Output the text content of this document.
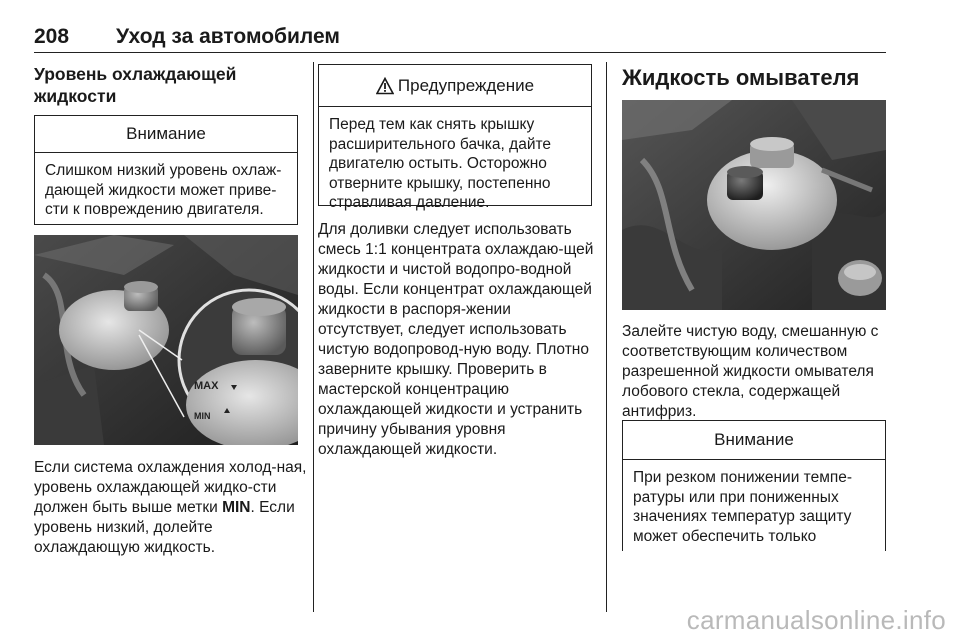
208 Уход за автомобилем
Уровень охлаждающей жидкости
Внимание
Слишком низкий уровень охлаж-дающей жидкости может приве-сти к повреждению двигателя.
MAX
MIN
Если система охлаждения холод-ная, уровень охлаждающей жидко-сти должен быть выше метки MIN. Если уровень низкий, долейте охлаждающую жидкость.
Предупреждение
Перед тем как снять крышку расширительного бачка, дайте двигателю остыть. Осторожно отверните крышку, постепенно стравливая давление.
Для доливки следует использовать смесь 1:1 концентрата охлаждаю-щей жидкости и чистой водопро-водной воды. Если концентрат охлаждающей жидкости в распоря-жении отсутствует, следует использовать чистую водопровод-ную воду. Плотно заверните крышку. Проверить в мастерской концентрацию охлаждающей жидкости и устранить причину убывания уровня охлаждающей жидкости.
Жидкость омывателя
Залейте чистую воду, смешанную с соответствующим количеством разрешенной жидкости омывателя лобового стекла, содержащей антифриз.
Внимание
При резком понижении темпе-ратуры или при пониженных значениях температур защиту может обеспечить только
carmanualsonline.info
